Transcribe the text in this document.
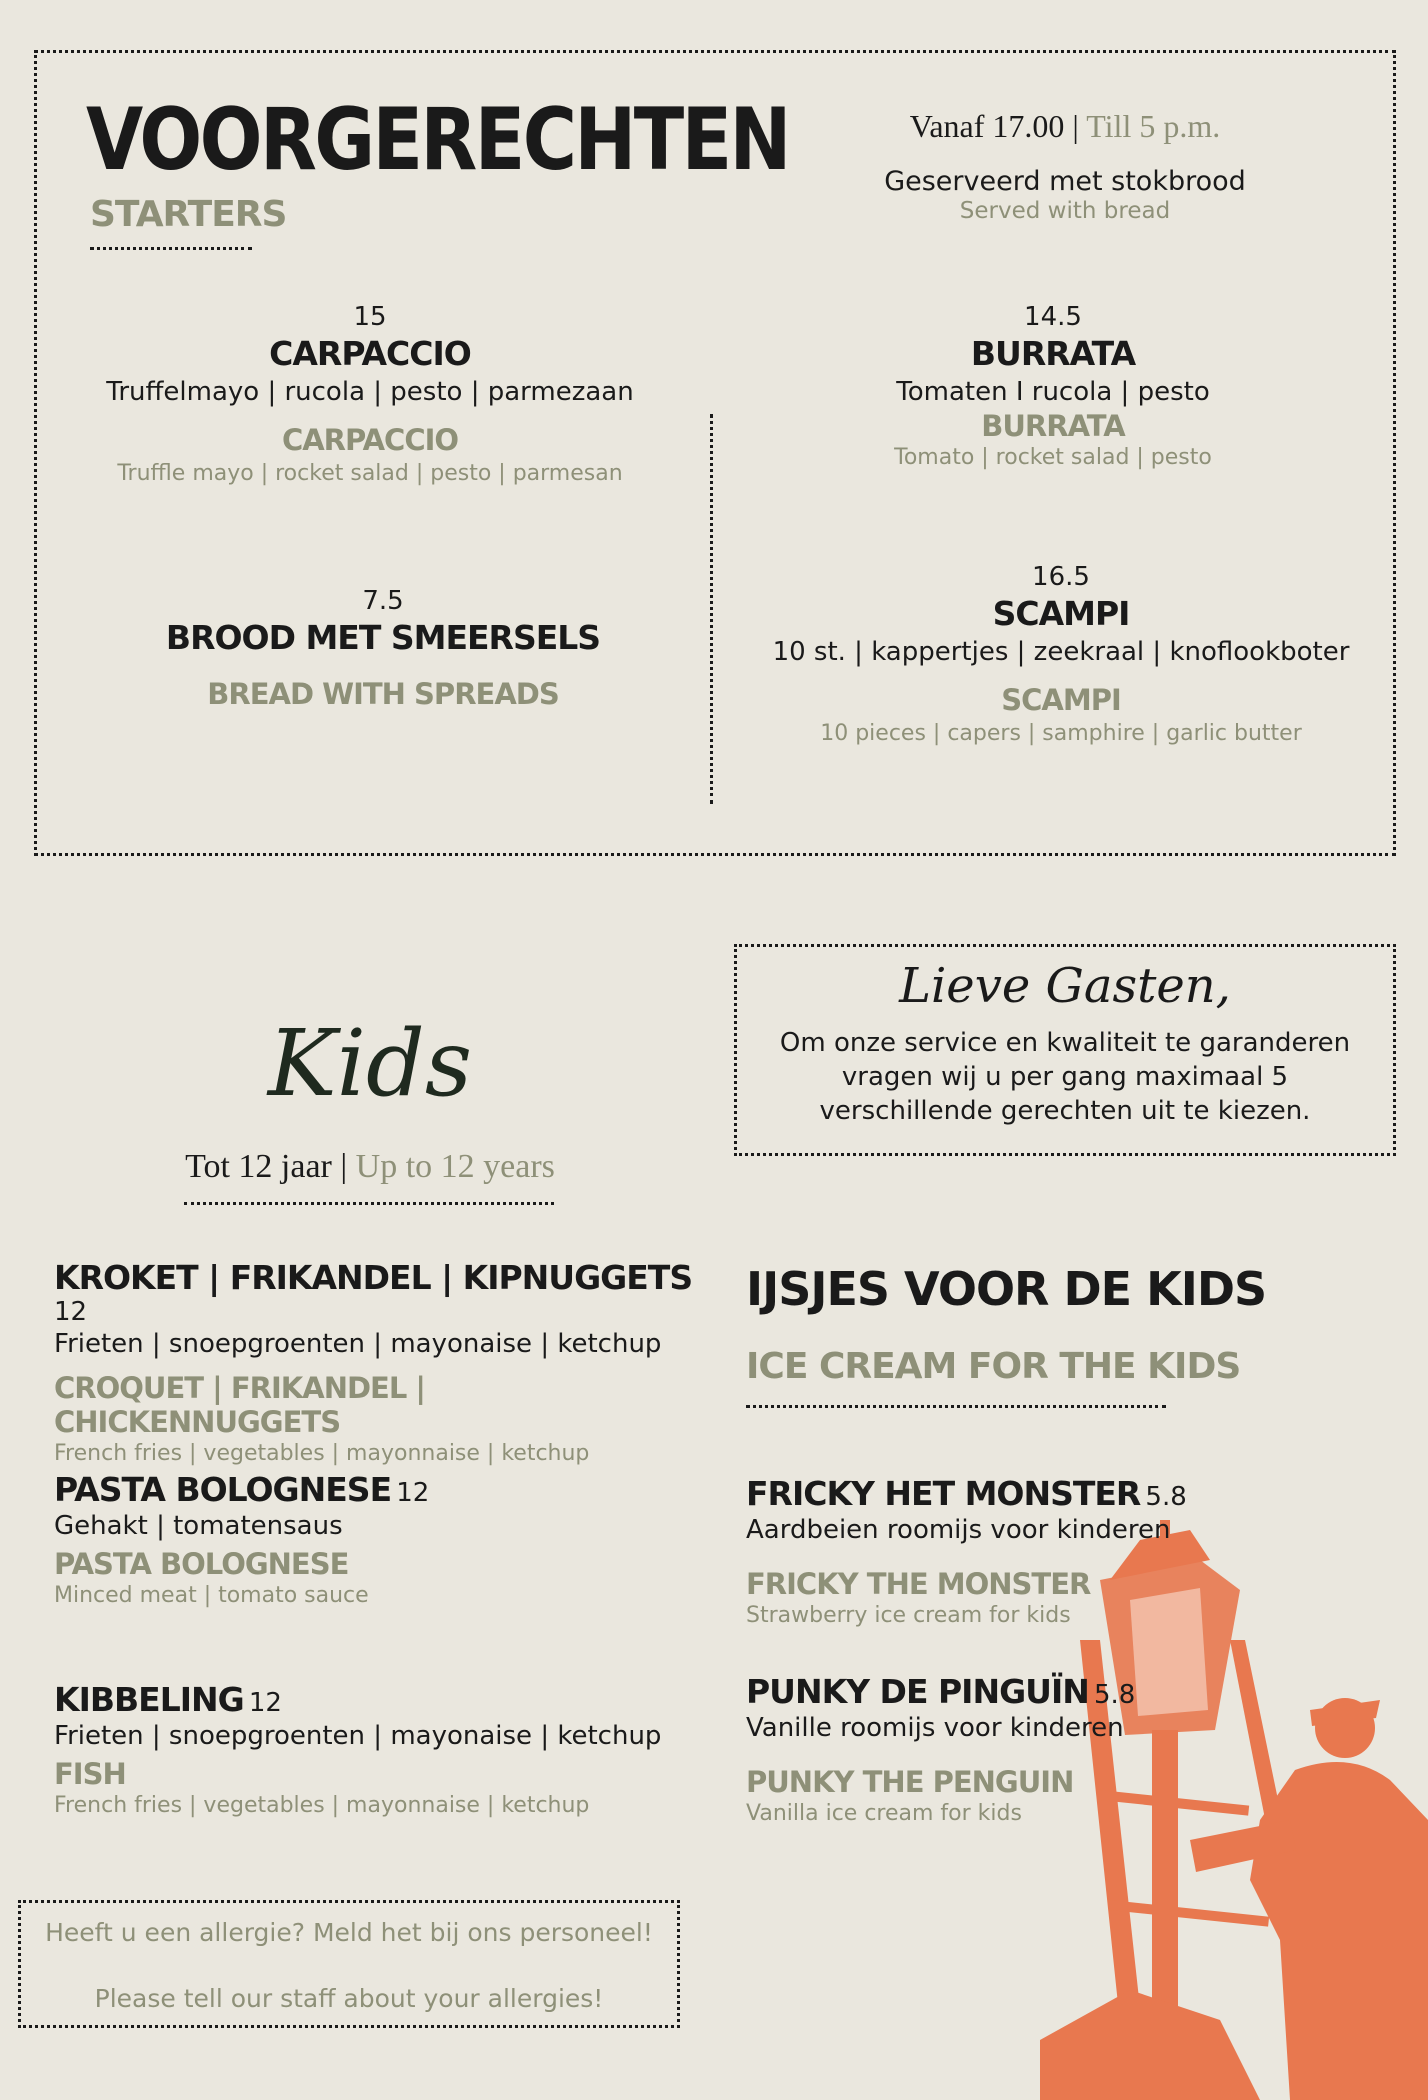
VOORGERECHTEN
STARTERS
Vanaf 17.00 | Till 5 p.m.
Geserveerd met stokbrood
Served with bread
15
CARPACCIO
Truffelmayo | rucola | pesto | parmezaan
CARPACCIO
Truffle mayo | rocket salad | pesto | parmesan
14.5
BURRATA
Tomaten I rucola | pesto
BURRATA
Tomato | rocket salad | pesto
7.5
BROOD MET SMEERSELS
BREAD WITH SPREADS
16.5
SCAMPI
10 st. | kappertjes | zeekraal | knoflookboter
SCAMPI
10 pieces | capers | samphire | garlic butter
Lieve Gasten,
Om onze service en kwaliteit te garanderen vragen wij u per gang maximaal 5 verschillende gerechten uit te kiezen.
Kids
Tot 12 jaar | Up to 12 years
KROKET | FRIKANDEL | KIPNUGGETS 12
Frieten | snoepgroenten | mayonaise | ketchup
CROQUET | FRIKANDEL | CHICKENNUGGETS
French fries | vegetables | mayonnaise | ketchup
PASTA BOLOGNESE 12
Gehakt | tomatensaus
PASTA BOLOGNESE
Minced meat | tomato sauce
KIBBELING 12
Frieten | snoepgroenten | mayonaise | ketchup
FISH
French fries | vegetables | mayonnaise | ketchup
IJSJES VOOR DE KIDS
ICE CREAM FOR THE KIDS
FRICKY HET MONSTER 5.8
Aardbeien roomijs voor kinderen
FRICKY THE MONSTER
Strawberry ice cream for kids
PUNKY DE PINGUÏN 5.8
Vanille roomijs voor kinderen
PUNKY THE PENGUIN
Vanilla ice cream for kids
Heeft u een allergie? Meld het bij ons personeel!
Please tell our staff about your allergies!
